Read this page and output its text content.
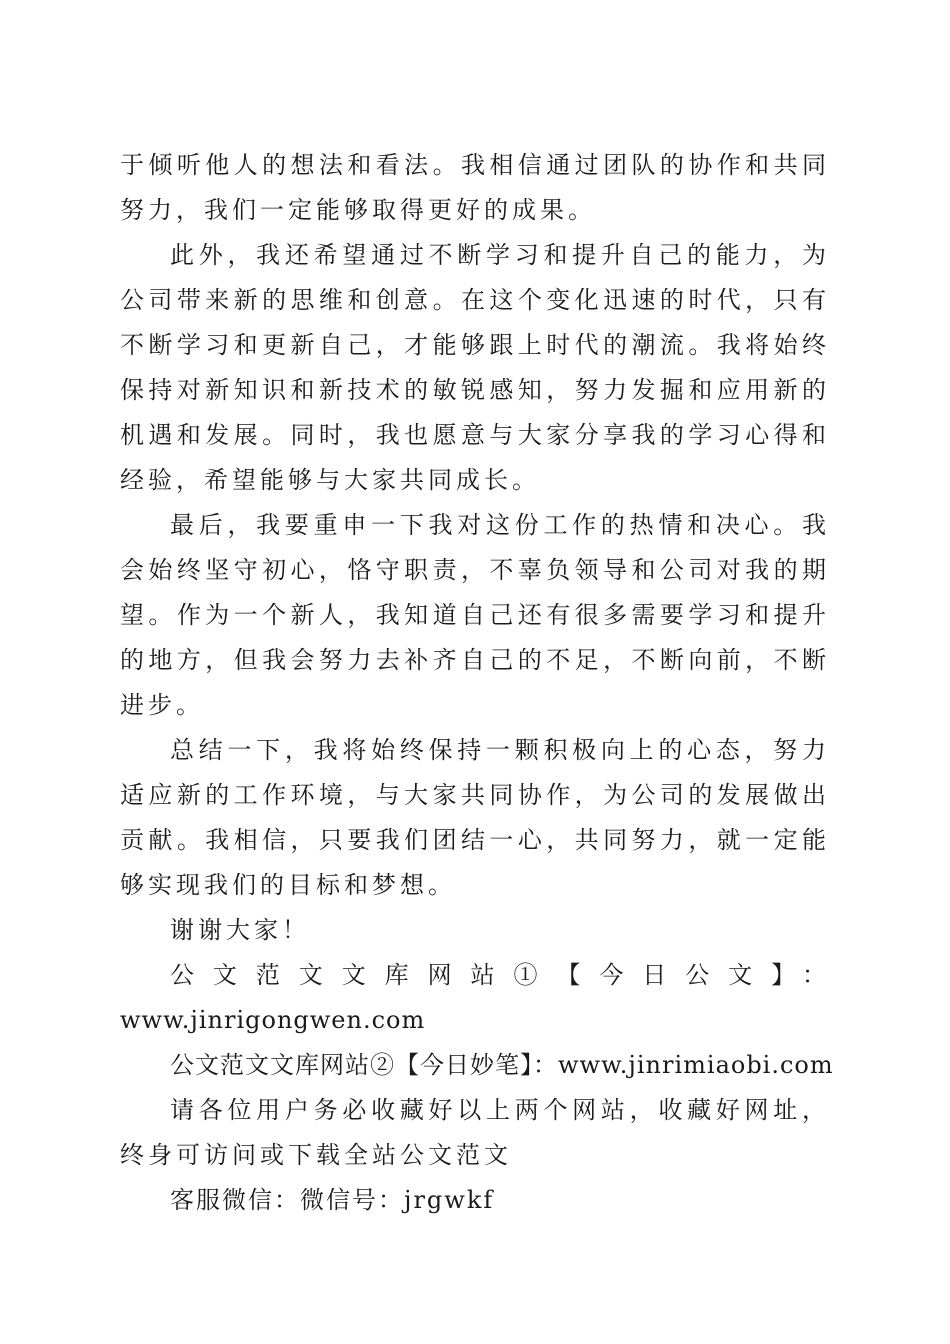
于倾听他人的想法和看法。我相信通过团队的协作和共同努力，我们一定能够取得更好的成果。

此外，我还希望通过不断学习和提升自己的能力，为公司带来新的思维和创意。在这个变化迅速的时代，只有不断学习和更新自己，才能够跟上时代的潮流。我将始终保持对新知识和新技术的敏锐感知，努力发掘和应用新的机遇和发展。同时，我也愿意与大家分享我的学习心得和经验，希望能够与大家共同成长。

最后，我要重申一下我对这份工作的热情和决心。我会始终坚守初心，恪守职责，不辜负领导和公司对我的期望。作为一个新人，我知道自己还有很多需要学习和提升的地方，但我会努力去补齐自己的不足，不断向前，不断进步。

总结一下，我将始终保持一颗积极向上的心态，努力适应新的工作环境，与大家共同协作，为公司的发展做出贡献。我相信，只要我们团结一心，共同努力，就一定能够实现我们的目标和梦想。

谢谢大家！

公文范文文库网站①【今日公文】：

www.jinrigongwen.com

公文范文文库网站②【今日妙笔】：www.jinrimiaobi.com

请各位用户务必收藏好以上两个网站，收藏好网址，终身可访问或下载全站公文范文

客服微信：微信号：jrgwkf
